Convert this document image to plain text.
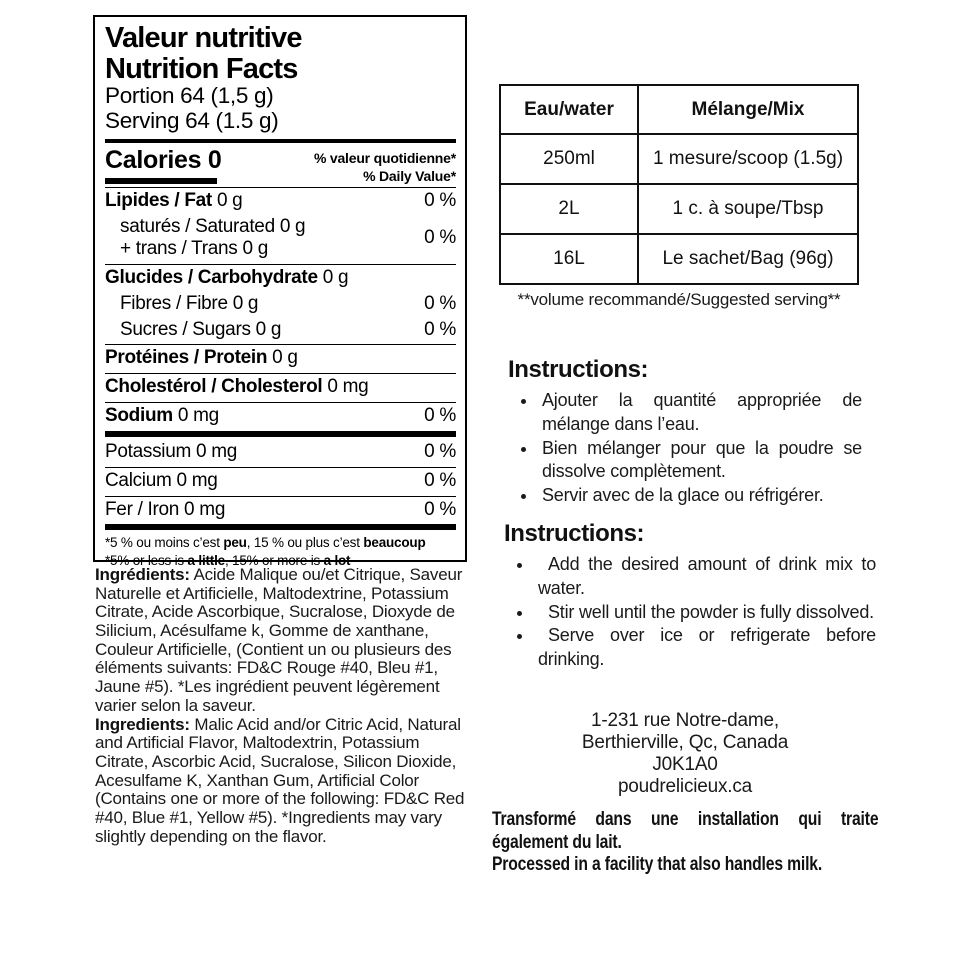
Valeur nutritive
Nutrition Facts
Portion 64 (1,5 g)
Serving 64 (1.5 g)
Calories 0	% valeur quotidienne*
% Daily Value*
Lipides / Fat 0 g	0 %
saturés / Saturated 0 g
+ trans / Trans 0 g
0 %
Glucides / Carbohydrate 0 g
Fibres / Fibre 0 g	0 %
Sucres / Sugars 0 g	0 %
Protéines / Protein 0 g
Cholestérol / Cholesterol 0 mg
Sodium 0 mg	0 %
Potassium 0 mg	0 %
Calcium 0 mg	0 %
Fer / Iron 0 mg	0 %
*5 % ou moins c’est peu, 15 % ou plus c’est beaucoup
*5% or less is a little, 15% or more is a lot

Ingrédients: Acide Malique ou/et Citrique, Saveur Naturelle et Artificielle, Maltodextrine, Potassium Citrate, Acide Ascorbique, Sucralose, Dioxyde de Silicium, Acésulfame k, Gomme de xanthane, Couleur Artificielle, (Contient un ou plusieurs des éléments suivants: FD&C Rouge #40, Bleu #1, Jaune #5). *Les ingrédient peuvent légèrement varier selon la saveur.

Ingredients: Malic Acid and/or Citric Acid, Natural and Artificial Flavor, Maltodextrin, Potassium Citrate, Ascorbic Acid, Sucralose, Silicon Dioxide, Acesulfame K, Xanthan Gum, Artificial Color (Contains one or more of the following: FD&C Red #40, Blue #1, Yellow #5). *Ingredients may vary slightly depending on the flavor.

Eau/water	Mélange/Mix
250ml	1 mesure/scoop (1.5g)
2L	1 c. à soupe/Tbsp
16L	Le sachet/Bag (96g)
**volume recommandé/Suggested serving**
Instructions:
• Ajouter la quantité appropriée de mélange dans l’eau.
• Bien mélanger pour que la poudre se dissolve complètement.
• Servir avec de la glace ou réfrigérer.
Instructions:
• Add the desired amount of drink mix to water.
• Stir well until the powder is fully dissolved.
• Serve over ice or refrigerate before drinking.
1-231 rue Notre-dame,
Berthierville, Qc, Canada
J0K1A0
poudrelicieux.ca

Transformé dans une installation qui traite également du lait.

Processed in a facility that also handles milk.
